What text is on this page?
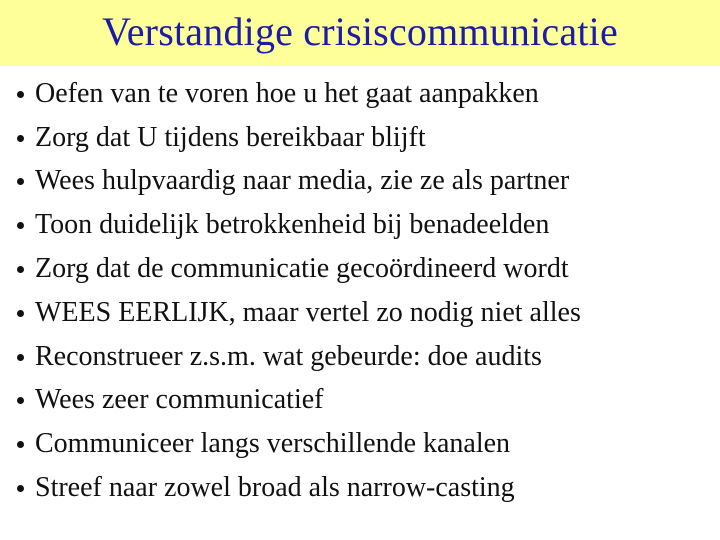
Verstandige crisiscommunicatie
Oefen van te voren hoe u het gaat aanpakken
Zorg dat U tijdens bereikbaar blijft
Wees hulpvaardig naar media, zie ze als partner
Toon duidelijk betrokkenheid bij benadeelden
Zorg dat de communicatie gecoördineerd wordt
WEES EERLIJK, maar vertel zo nodig niet alles
Reconstrueer z.s.m. wat gebeurde: doe audits
Wees zeer communicatief
Communiceer langs verschillende kanalen
Streef naar zowel broad als narrow-casting
